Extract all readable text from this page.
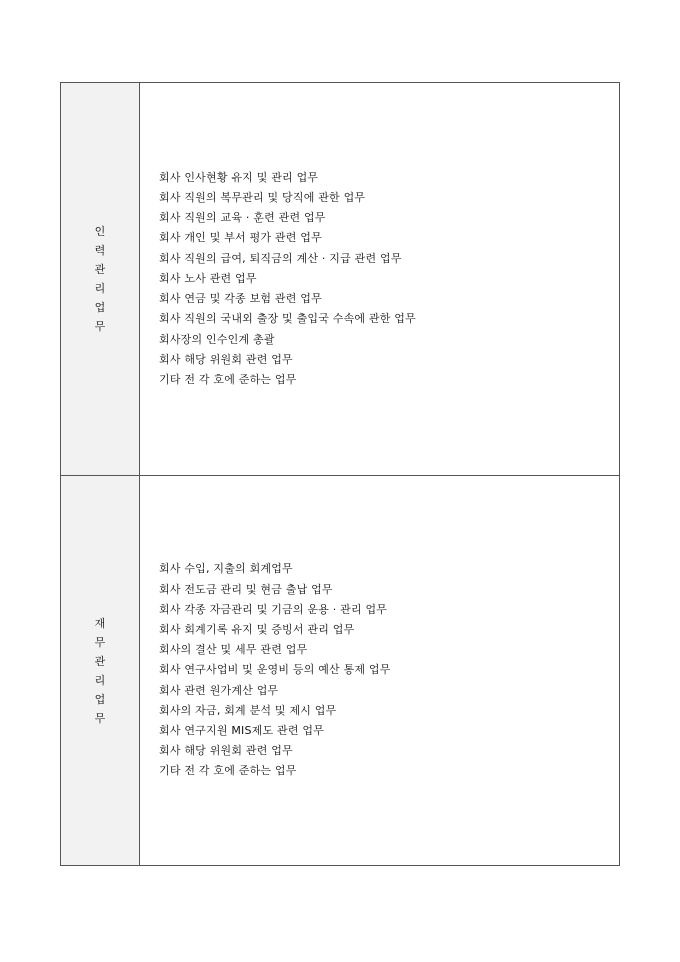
인
력
관
리
업
무
회사 인사현황 유지 및 관리 업무
회사 직원의 복무관리 및 당직에 관한 업무
회사 직원의 교육 · 훈련 관련 업무
회사 개인 및 부서 평가 관련 업무
회사 직원의 급여, 퇴직금의 계산 · 지급 관련 업무
회사 노사 관련 업무
회사 연금 및 각종 보험 관련 업무
회사 직원의 국내외 출장 및 출입국 수속에 관한 업무
회사장의 인수인계 총괄
회사 해당 위원회 관련 업무
기타 전 각 호에 준하는 업무
재
무
관
리
업
무
회사 수입, 지출의 회계업무
회사 전도금 관리 및 현금 출납 업무
회사 각종 자금관리 및 기금의 운용 · 관리 업무
회사 회계기록 유지 및 증빙서 관리 업무
회사의 결산 및 세무 관련 업무
회사 연구사업비 및 운영비 등의 예산 통제 업무
회사 관련 원가계산 업무
회사의 자금, 회계 분석 및 제시 업무
회사 연구지원 MIS제도 관련 업무
회사 해당 위원회 관련 업무
기타 전 각 호에 준하는 업무
